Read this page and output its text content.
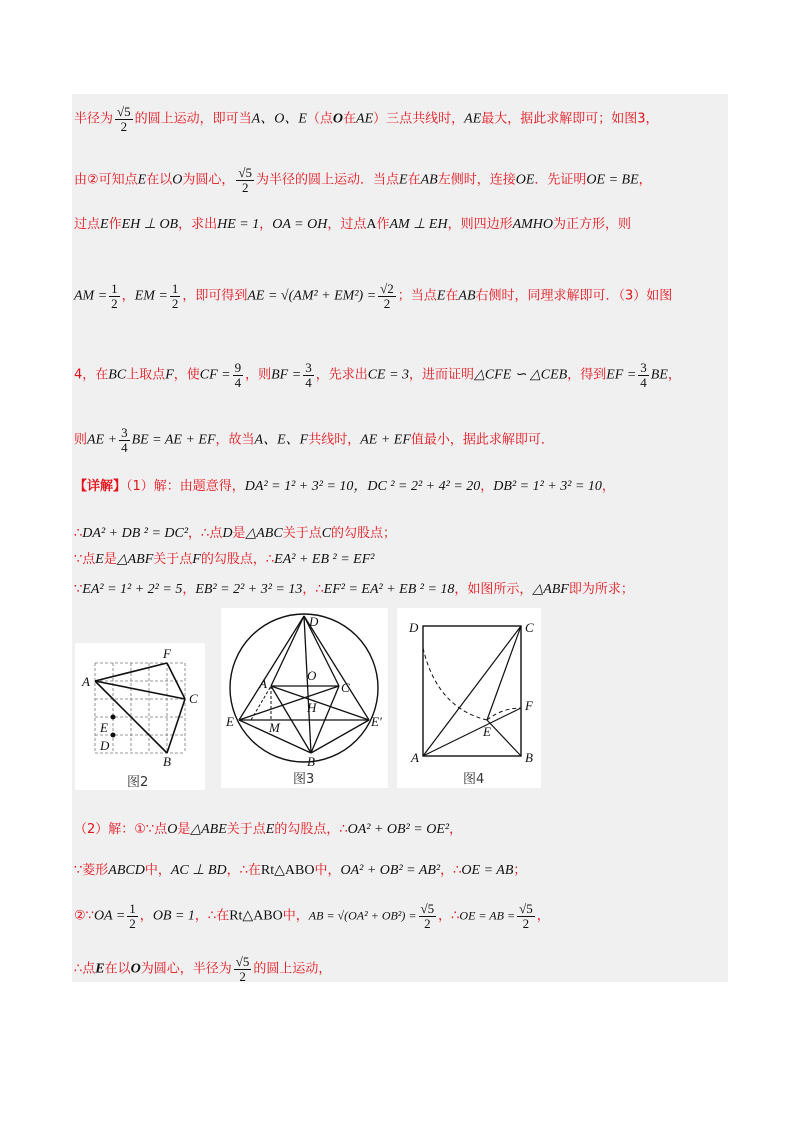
半径为 $\frac{√5}{2}$ 的圆上运动，即可当A、O、E（点O在AE）三点共线时，AE最大，据此求解即可；如图3，
由②可知点E在以O为圆心， $\frac{√5}{2}$ 为半径的圆上运动．当点E在AB左侧时，连接OE．先证明OE = BE，
过点E作EH ⊥ OB，求出HE = 1，OA = OH，过点A作AM ⊥ EH，则四边形AMHO为正方形，则
AM = $\frac{1}{2}$ ，EM = $\frac{1}{2}$ ，即可得到AE = $√(AM^2 + EM^2) = \frac{√2}{2}$ ；当点E在AB右侧时，同理求解即可．（3）如图
4，在BC上取点F，使CF = $\frac{9}{4}$ ，则BF = $\frac{3}{4}$ ，先求出CE = 3，进而证明△CFE ∽ △CEB，得到EF = $\frac{3}{4}$ BE，
则AE + $\frac{3}{4}$ BE = AE + EF，故当A、E、F共线时，AE + EF值最小，据此求解即可．
【详解】（1）解：由题意得，DA² = 1² + 3² = 10，DC ² = 2² + 4² = 20，DB² = 1² + 3² = 10，
∴DA² + DB ² = DC²，∴点D是△ABC关于点C的勾股点；
∵点E是△ABF关于点F的勾股点，∴EA² + EB ² = EF²
∵EA² = 1² + 2² = 5，EB² = 2² + 3² = 13，∴EF² = EA² + EB ² = 18，如图所示，△ABF即为所求；
F
A
C
E
D
B
图2
D
O
A	C
H
E	E′
M
B
图3
D	C
F
E
A	B
图4
（2）解：①∵点O是△ABE关于点E的勾股点，∴OA² + OB² = OE²，
∵菱形ABCD中，AC ⊥ BD，∴在Rt△ABO中，OA² + OB² = AB²，∴OE = AB；
②∵OA = $\frac{1}{2}$ ，OB = 1，∴在Rt△ABO中，AB = $√(OA^2 + OB^2) = \frac{√5}{2}$ ，∴OE = AB = $\frac{√5}{2}$ ，
∴点E在以O为圆心，半径为 $\frac{√5}{2}$ 的圆上运动，
